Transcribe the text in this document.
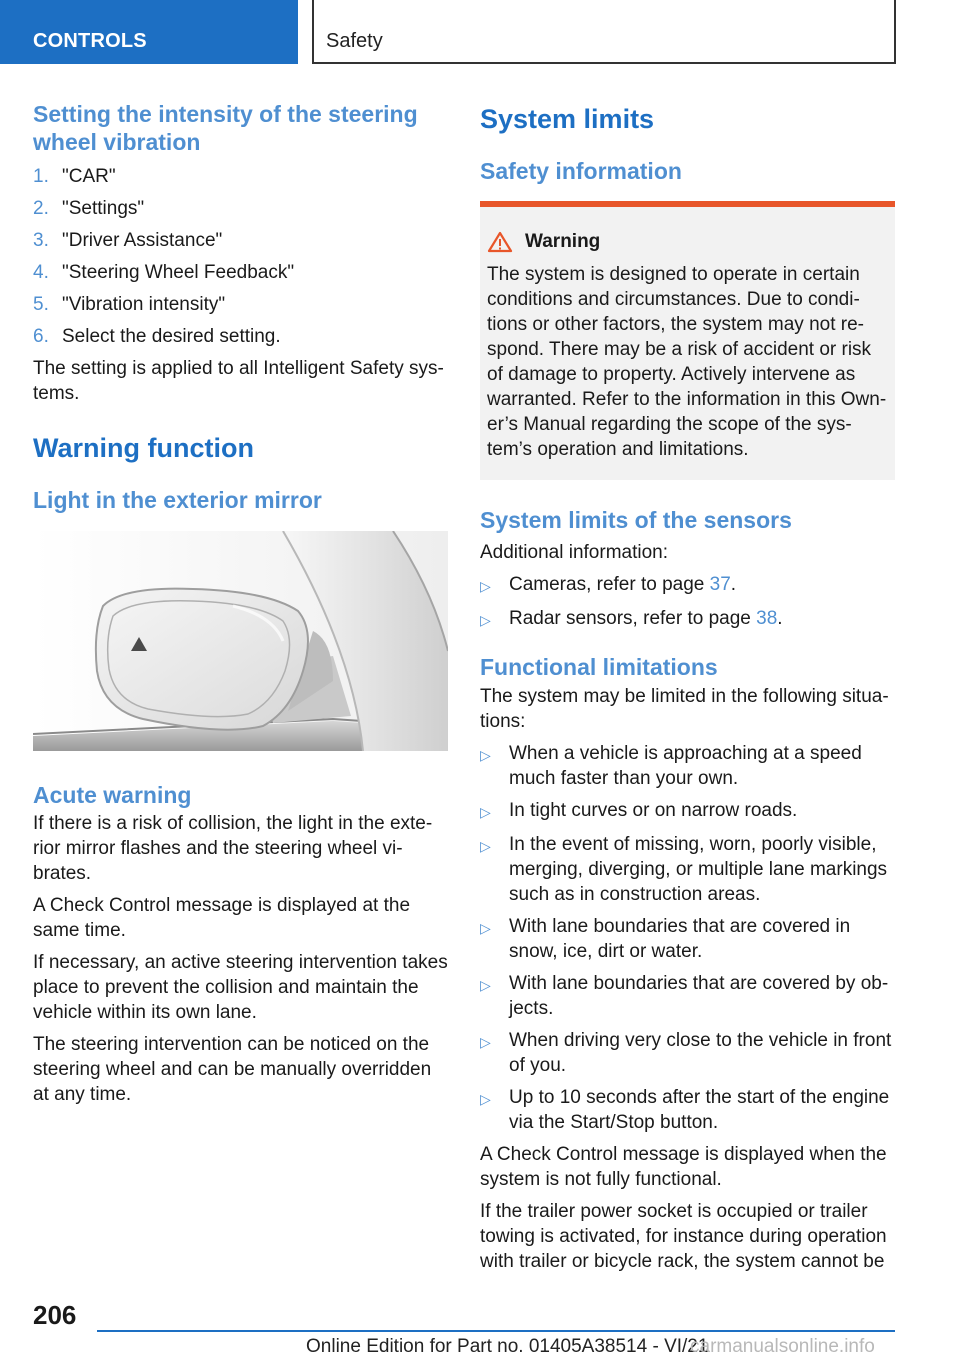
CONTROLS	Safety
Setting the intensity of the steering wheel vibration
1. "CAR"
2. "Settings"
3. "Driver Assistance"
4. "Steering Wheel Feedback"
5. "Vibration intensity"
6. Select the desired setting.

The setting is applied to all Intelligent Safety systems.

Warning function
Light in the exterior mirror
Acute warning

If there is a risk of collision, the light in the exterior mirror flashes and the steering wheel vibrates.

A Check Control message is displayed at the same time.

If necessary, an active steering intervention takes place to prevent the collision and maintain the vehicle within its own lane.

The steering intervention can be noticed on the steering wheel and can be manually overridden at any time.

System limits
Safety information
Warning

The system is designed to operate in certain conditions and circumstances. Due to conditions or other factors, the system may not respond. There may be a risk of accident or risk of damage to property. Actively intervene as warranted. Refer to the information in this Owner’s Manual regarding the scope of the system’s operation and limitations.

System limits of the sensors

Additional information:

▷ Cameras, refer to page 37.
▷ Radar sensors, refer to page 38.
Functional limitations

The system may be limited in the following situations:

▷ When a vehicle is approaching at a speed much faster than your own.
▷ In tight curves or on narrow roads.
▷ In the event of missing, worn, poorly visible, merging, diverging, or multiple lane markings such as in construction areas.
▷ With lane boundaries that are covered in snow, ice, dirt or water.
▷ With lane boundaries that are covered by objects.
▷ When driving very close to the vehicle in front of you.
▷ Up to 10 seconds after the start of the engine via the Start/Stop button.

A Check Control message is displayed when the system is not fully functional.

If the trailer power socket is occupied or trailer towing is activated, for instance during operation with trailer or bicycle rack, the system cannot be

206
Online Edition for Part no. 01405A38514 - VI/21
carmanualsonline.info
